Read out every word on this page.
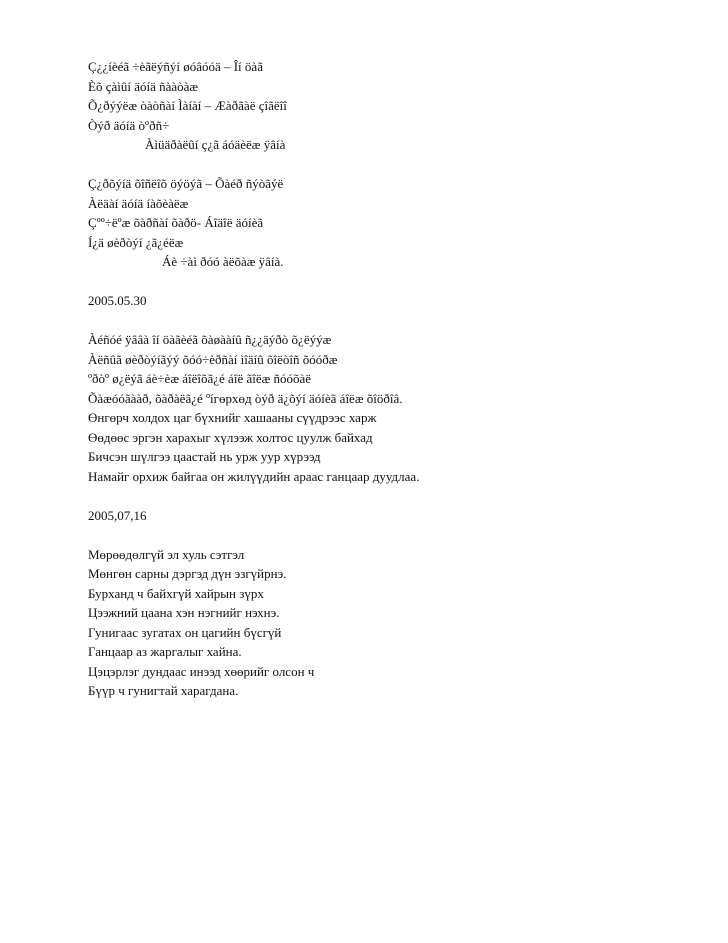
Ç¿¿íèéã ÷èãëýñýí øóâóóä – Îí öàã
Èõ çàìûí äóíä ñààòàæ
Õ¿ðýýëæ òàòñàí Ìàíàí – Æàðãàë çîãëîî
Òýð äóíä òºðñ÷
Àìüäðàëûí ç¿ã áóäèëæ ÿâíà
Ç¿ðõýíä õîñëîõ öýöýã – Õàéð ñýòãýë
Àëäàí äóíä íàõèàëæ
Çºº÷ëºæ õàðñàí õàðö- Áîäîë äóíèã
Í¿ä øèðòýí ¿ã¿éëæ
Áè ÷àì ðóó àëõàæ ÿâíà.
2005.05.30
Àéñóé ÿââà îí öàãèéã õàøààíû ñ¿¿äýðò õ¿ëýýæ
Àëñûã øèðòýíãýý õóó÷èðñàí ìîäíû õîëòîñ õóóðæ
ºðòº ø¿ëýã áè÷èæ áîëîõã¿é áîë ãîëæ ñóóõàë
Õàæóóãààð, õàðàëã¿é ºíгөрхөд òýð ä¿õýí äóíèã áîëæ õîöðîâ.
Өнгөрч холдох цаг бүхнийг хашааны сүүдрээс харж
Өөдөөс эргэн харахыг хүлээж холтос цуулж байхад
Бичсэн шүлгээ цаастай нь урж уур хүрээд
Намайг орхиж байгаа он жилүүдийн араас ганцаар дуудлаа.
2005,07,16
Мөрөөдөлгүй эл хуль сэтгэл
Мөнгөн сарны дэргэд дүн эзгүйрнэ.
Бурханд ч байхгүй хайрын зүрх
Цээжний цаана хэн нэгнийг нэхнэ.
Гунигаас зугатах он цагийн бүсгүй
Ганцаар аз жаргалыг хайна.
Цэцэрлэг дундаас инээд хөөрийг олсон ч
Бүүр ч гунигтай харагдана.
